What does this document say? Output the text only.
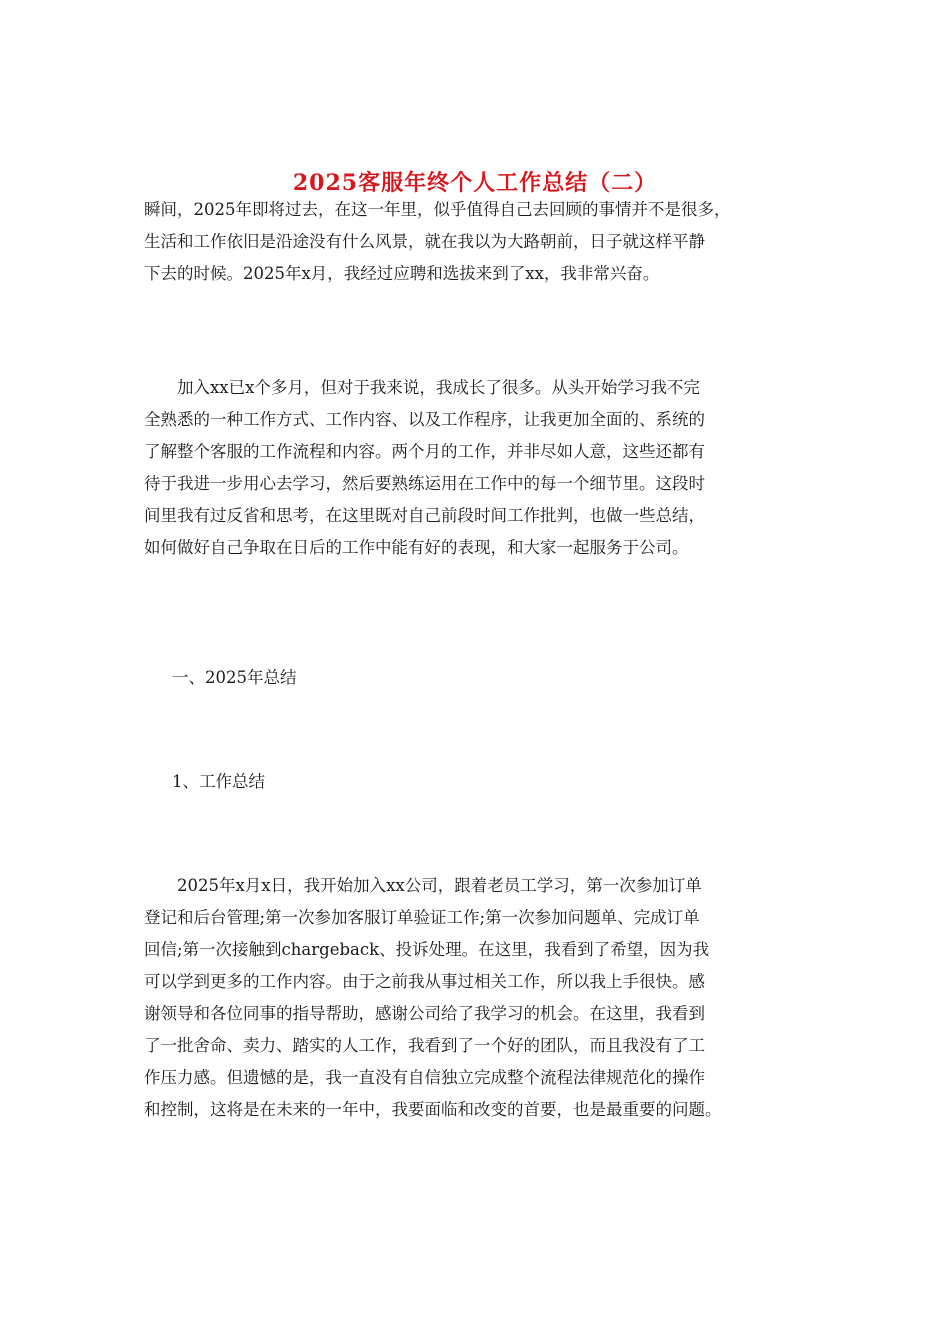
2025客服年终个人工作总结（二）
瞬间，2025年即将过去，在这一年里，似乎值得自己去回顾的事情并不是很多，
生活和工作依旧是沿途没有什么风景，就在我以为大路朝前，日子就这样平静
下去的时候。2025年x月，我经过应聘和选拔来到了xx，我非常兴奋。
　　加入xx已x个多月，但对于我来说，我成长了很多。从头开始学习我不完
全熟悉的一种工作方式、工作内容、以及工作程序，让我更加全面的、系统的
了解整个客服的工作流程和内容。两个月的工作，并非尽如人意，这些还都有
待于我进一步用心去学习，然后要熟练运用在工作中的每一个细节里。这段时
间里我有过反省和思考，在这里既对自己前段时间工作批判，也做一些总结，
如何做好自己争取在日后的工作中能有好的表现，和大家一起服务于公司。

一、2025年总结

1、工作总结

　　2025年x月x日，我开始加入xx公司，跟着老员工学习，第一次参加订单
登记和后台管理;第一次参加客服订单验证工作;第一次参加问题单、完成订单
回信;第一次接触到chargeback、投诉处理。在这里，我看到了希望，因为我
可以学到更多的工作内容。由于之前我从事过相关工作，所以我上手很快。感
谢领导和各位同事的指导帮助，感谢公司给了我学习的机会。在这里，我看到
了一批舍命、卖力、踏实的人工作，我看到了一个好的团队，而且我没有了工
作压力感。但遗憾的是，我一直没有自信独立完成整个流程法律规范化的操作
和控制，这将是在未来的一年中，我要面临和改变的首要，也是最重要的问题。
